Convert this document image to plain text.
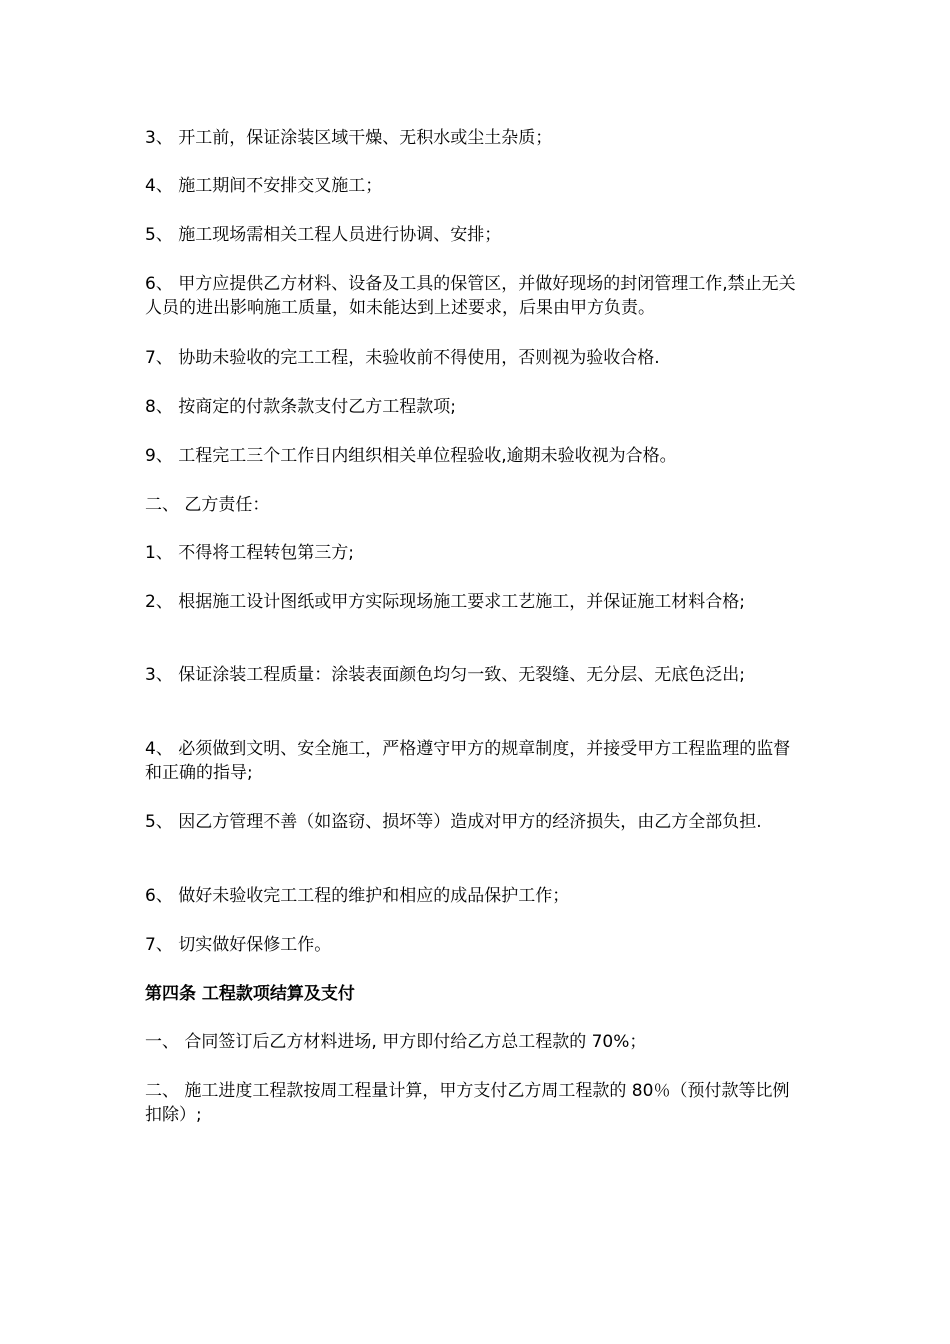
3、 开工前，保证涂装区域干燥、无积水或尘土杂质；

4、 施工期间不安排交叉施工；

5、 施工现场需相关工程人员进行协调、安排；

6、 甲方应提供乙方材料、设备及工具的保管区，并做好现场的封闭管理工作,禁止无关人员的进出影响施工质量，如未能达到上述要求，后果由甲方负责。

7、 协助未验收的完工工程，未验收前不得使用，否则视为验收合格.

8、 按商定的付款条款支付乙方工程款项;

9、 工程完工三个工作日内组织相关单位程验收,逾期未验收视为合格。

二、 乙方责任：

1、 不得将工程转包第三方;

2、 根据施工设计图纸或甲方实际现场施工要求工艺施工，并保证施工材料合格;

3、 保证涂装工程质量：涂装表面颜色均匀一致、无裂缝、无分层、无底色泛出;

4、 必须做到文明、安全施工，严格遵守甲方的规章制度，并接受甲方工程监理的监督和正确的指导;

5、 因乙方管理不善（如盗窃、损坏等）造成对甲方的经济损失，由乙方全部负担.

6、 做好未验收完工工程的维护和相应的成品保护工作；

7、 切实做好保修工作。

第四条 工程款项结算及支付

一、 合同签订后乙方材料进场, 甲方即付给乙方总工程款的 70%；

二、 施工进度工程款按周工程量计算，甲方支付乙方周工程款的 80％（预付款等比例扣除）;
